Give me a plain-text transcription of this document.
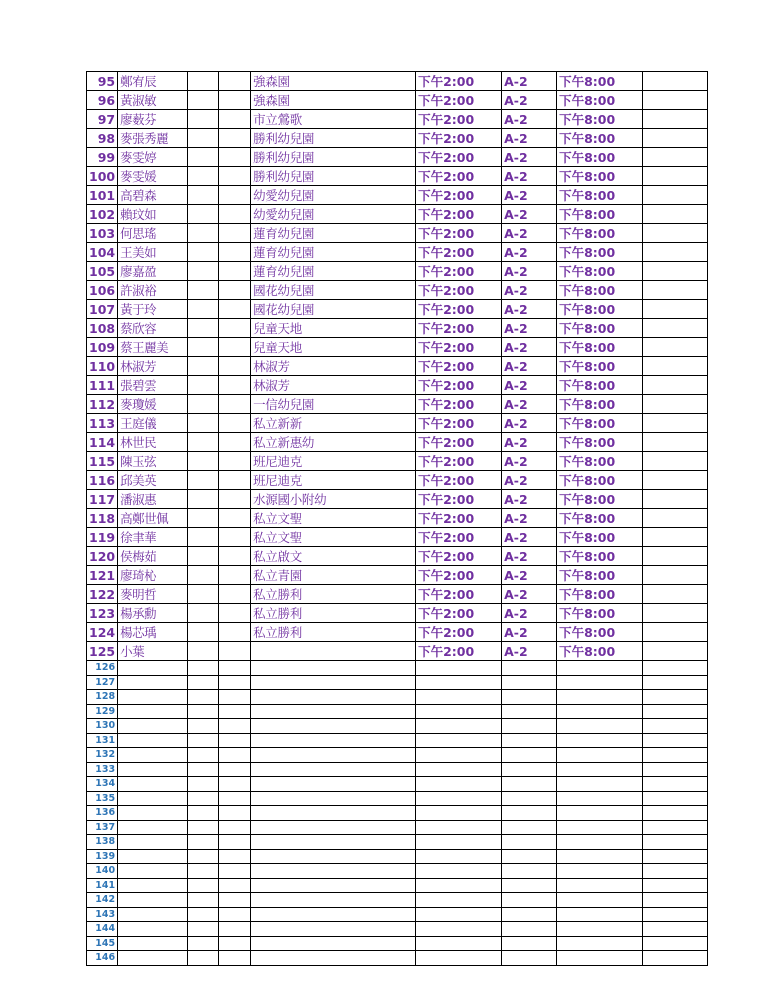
95	鄭宥辰			強森園	下午2:00	A-2	下午8:00	
96	黃淑敏			強森園	下午2:00	A-2	下午8:00	
97	廖薮芬			市立鶯歌	下午2:00	A-2	下午8:00	
98	麥張秀麗			勝利幼兒園	下午2:00	A-2	下午8:00	
99	麥雯婷			勝利幼兒園	下午2:00	A-2	下午8:00	
100	麥雯媛			勝利幼兒園	下午2:00	A-2	下午8:00	
101	高碧森			幼愛幼兒園	下午2:00	A-2	下午8:00	
102	賴玟如			幼愛幼兒園	下午2:00	A-2	下午8:00	
103	何思瑤			蓮育幼兒園	下午2:00	A-2	下午8:00	
104	王美如			蓮育幼兒園	下午2:00	A-2	下午8:00	
105	廖嘉盈			蓮育幼兒園	下午2:00	A-2	下午8:00	
106	許淑裕			國花幼兒園	下午2:00	A-2	下午8:00	
107	黃于玲			國花幼兒園	下午2:00	A-2	下午8:00	
108	蔡欣容			兒童天地	下午2:00	A-2	下午8:00	
109	蔡王麗美			兒童天地	下午2:00	A-2	下午8:00	
110	林淑芳			林淑芳	下午2:00	A-2	下午8:00	
111	張碧雲			林淑芳	下午2:00	A-2	下午8:00	
112	麥瓊媛			一信幼兒園	下午2:00	A-2	下午8:00	
113	王庭儀			私立新新	下午2:00	A-2	下午8:00	
114	林世民			私立新惠幼	下午2:00	A-2	下午8:00	
115	陳玉弦			班尼迪克	下午2:00	A-2	下午8:00	
116	邱美英			班尼迪克	下午2:00	A-2	下午8:00	
117	潘淑惠			水源國小附幼	下午2:00	A-2	下午8:00	
118	高鄭世佩			私立文聖	下午2:00	A-2	下午8:00	
119	徐聿華			私立文聖	下午2:00	A-2	下午8:00	
120	侯梅茹			私立啟文	下午2:00	A-2	下午8:00	
121	廖琦杺			私立青園	下午2:00	A-2	下午8:00	
122	麥明哲			私立勝利	下午2:00	A-2	下午8:00	
123	楊承勳			私立勝利	下午2:00	A-2	下午8:00	
124	楊芯瑀			私立勝利	下午2:00	A-2	下午8:00	
125	小葉				下午2:00	A-2	下午8:00	
126								
127								
128								
129								
130								
131								
132								
133								
134								
135								
136								
137								
138								
139								
140								
141								
142								
143								
144								
145								
146								
